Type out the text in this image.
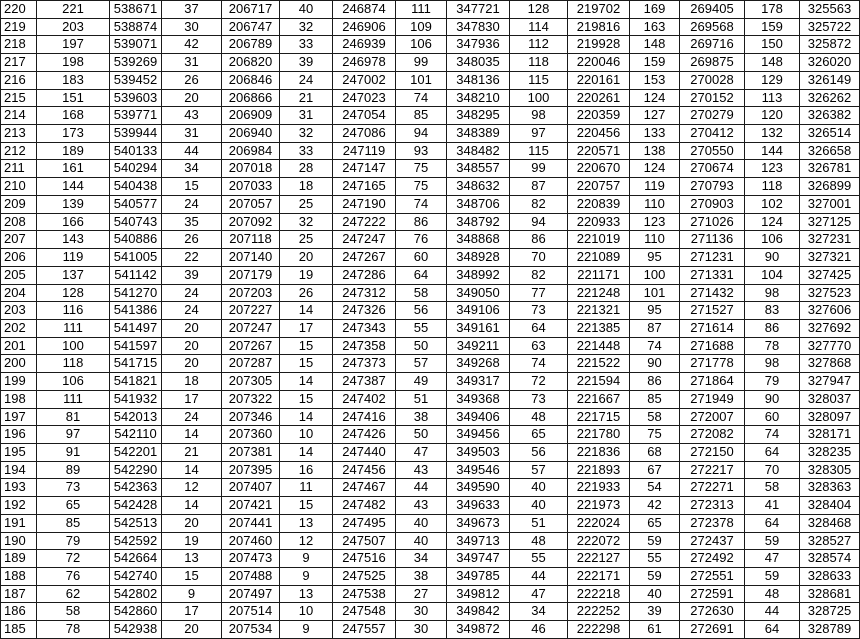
220	221	538671	37	206717	40	246874	111	347721	128	219702	169	269405	178	325563
219	203	538874	30	206747	32	246906	109	347830	114	219816	163	269568	159	325722
218	197	539071	42	206789	33	246939	106	347936	112	219928	148	269716	150	325872
217	198	539269	31	206820	39	246978	99	348035	118	220046	159	269875	148	326020
216	183	539452	26	206846	24	247002	101	348136	115	220161	153	270028	129	326149
215	151	539603	20	206866	21	247023	74	348210	100	220261	124	270152	113	326262
214	168	539771	43	206909	31	247054	85	348295	98	220359	127	270279	120	326382
213	173	539944	31	206940	32	247086	94	348389	97	220456	133	270412	132	326514
212	189	540133	44	206984	33	247119	93	348482	115	220571	138	270550	144	326658
211	161	540294	34	207018	28	247147	75	348557	99	220670	124	270674	123	326781
210	144	540438	15	207033	18	247165	75	348632	87	220757	119	270793	118	326899
209	139	540577	24	207057	25	247190	74	348706	82	220839	110	270903	102	327001
208	166	540743	35	207092	32	247222	86	348792	94	220933	123	271026	124	327125
207	143	540886	26	207118	25	247247	76	348868	86	221019	110	271136	106	327231
206	119	541005	22	207140	20	247267	60	348928	70	221089	95	271231	90	327321
205	137	541142	39	207179	19	247286	64	348992	82	221171	100	271331	104	327425
204	128	541270	24	207203	26	247312	58	349050	77	221248	101	271432	98	327523
203	116	541386	24	207227	14	247326	56	349106	73	221321	95	271527	83	327606
202	111	541497	20	207247	17	247343	55	349161	64	221385	87	271614	86	327692
201	100	541597	20	207267	15	247358	50	349211	63	221448	74	271688	78	327770
200	118	541715	20	207287	15	247373	57	349268	74	221522	90	271778	98	327868
199	106	541821	18	207305	14	247387	49	349317	72	221594	86	271864	79	327947
198	111	541932	17	207322	15	247402	51	349368	73	221667	85	271949	90	328037
197	81	542013	24	207346	14	247416	38	349406	48	221715	58	272007	60	328097
196	97	542110	14	207360	10	247426	50	349456	65	221780	75	272082	74	328171
195	91	542201	21	207381	14	247440	47	349503	56	221836	68	272150	64	328235
194	89	542290	14	207395	16	247456	43	349546	57	221893	67	272217	70	328305
193	73	542363	12	207407	11	247467	44	349590	40	221933	54	272271	58	328363
192	65	542428	14	207421	15	247482	43	349633	40	221973	42	272313	41	328404
191	85	542513	20	207441	13	247495	40	349673	51	222024	65	272378	64	328468
190	79	542592	19	207460	12	247507	40	349713	48	222072	59	272437	59	328527
189	72	542664	13	207473	9	247516	34	349747	55	222127	55	272492	47	328574
188	76	542740	15	207488	9	247525	38	349785	44	222171	59	272551	59	328633
187	62	542802	9	207497	13	247538	27	349812	47	222218	40	272591	48	328681
186	58	542860	17	207514	10	247548	30	349842	34	222252	39	272630	44	328725
185	78	542938	20	207534	9	247557	30	349872	46	222298	61	272691	64	328789
